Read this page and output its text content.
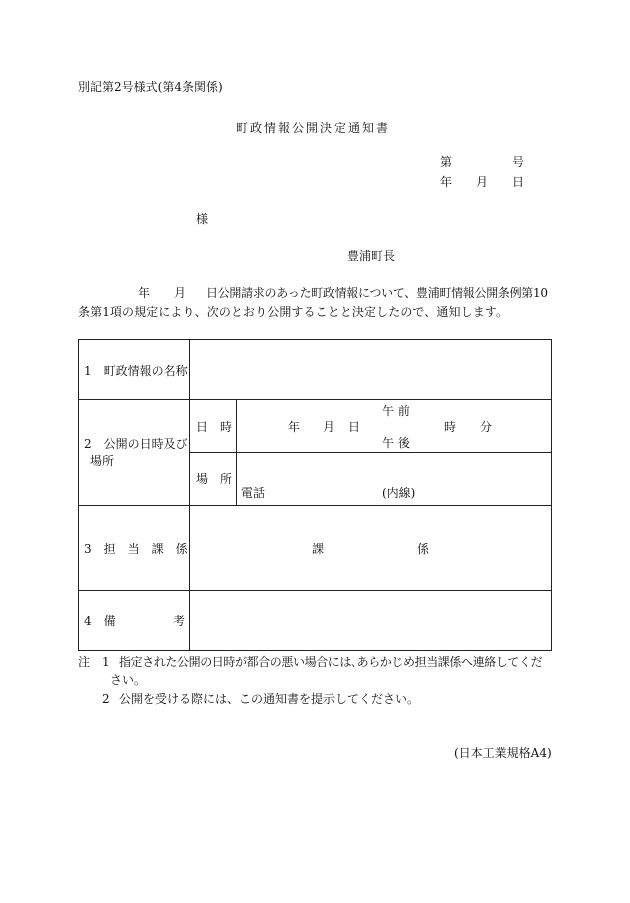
別記第2号様式(第4条関係)
町政情報公開決定通知書
第	号
年 月 日
様
豊浦町長
年 月 日公開請求のあった町政情報について、豊浦町情報公開条例第10
条第1項の規定により、次のとおり公開することと決定したので、通知します。
1　町政情報の名称
2　公開の日時及び
場所
日　時
午 前
年 月 日	時 分
午 後
場　所
電話	(内線)
3　担　当　課　係	課	係
4　備	考
注 1 指定された公開の日時が都合の悪い場合には､あらかじめ担当課係へ連絡してくだ
さい。
2 公開を受ける際には、この通知書を提示してください。
(日本工業規格A4)
